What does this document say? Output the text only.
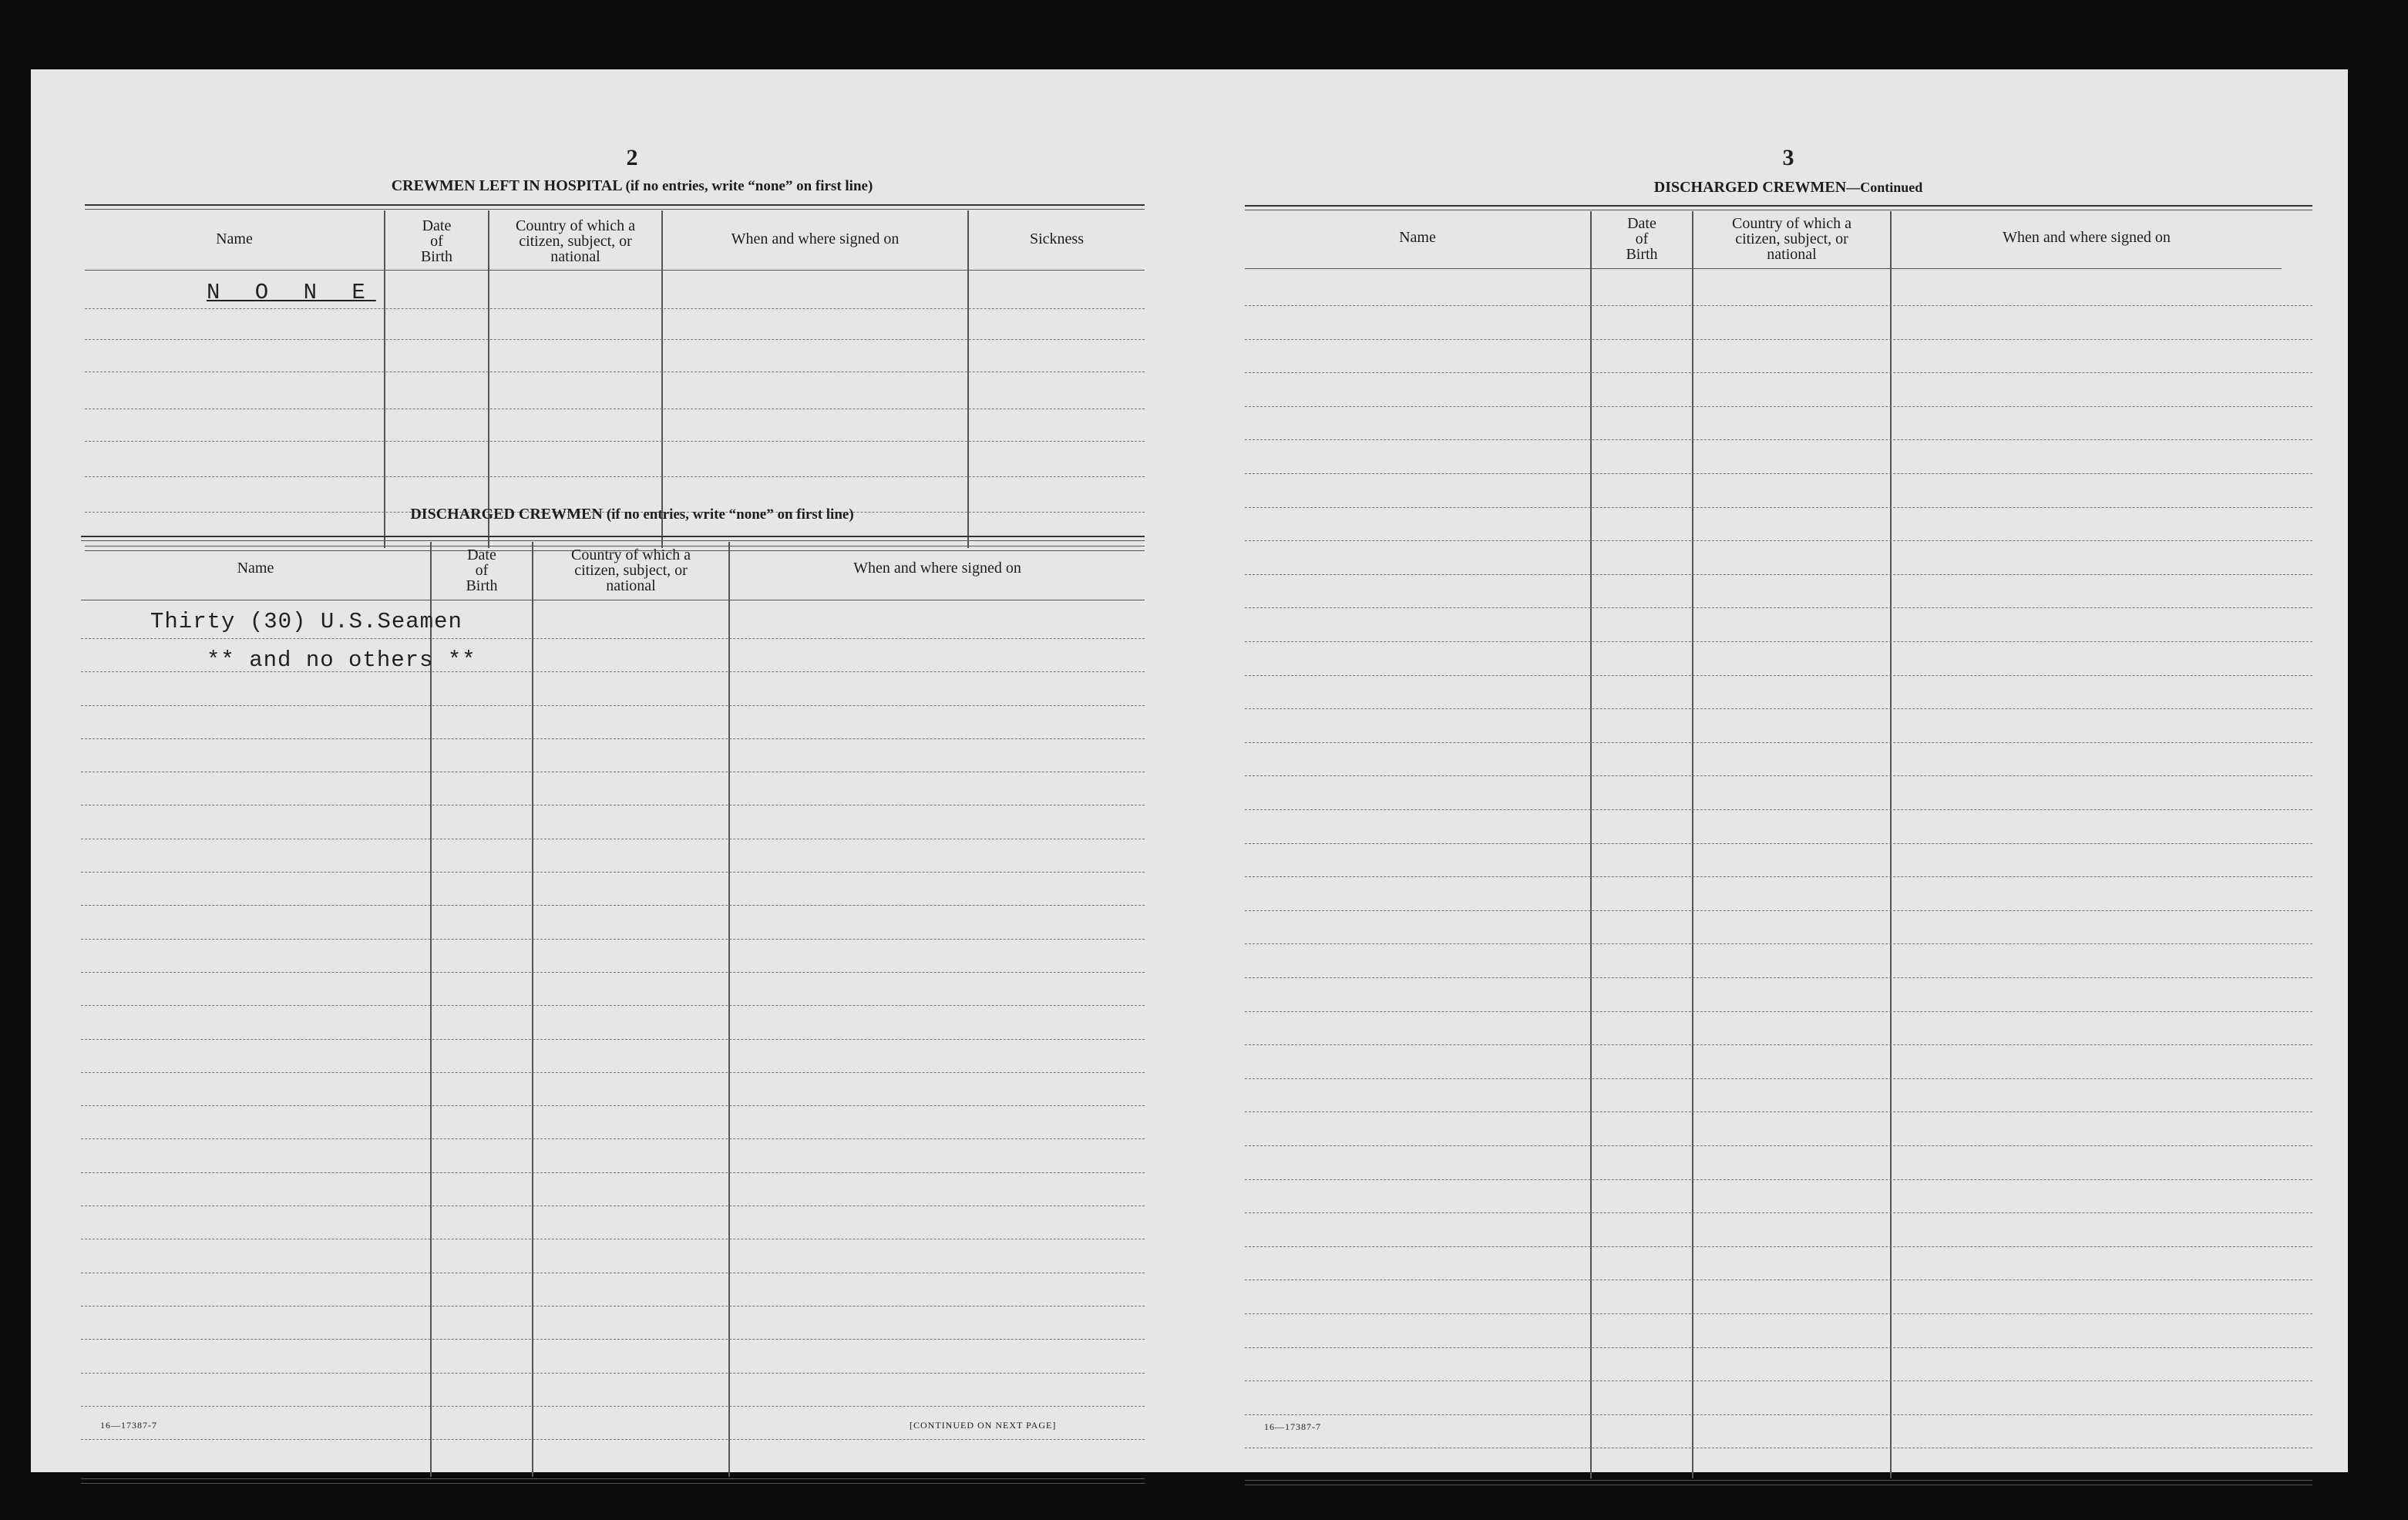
2
CREWMEN LEFT IN HOSPITAL (if no entries, write “none” on first line)
Name
Date
of
Birth
Country of which a
citizen, subject, or
national
When and where signed on	Sickness
N O N E
DISCHARGED CREWMEN (if no entries, write “none” on first line)
Name
Date
of
Birth
Country of which a
citizen, subject, or
national
When and where signed on
Thirty (30) U.S.Seamen
** and no others **
16—17387-7	[CONTINUED ON NEXT PAGE]
3
DISCHARGED CREWMEN—Continued
Name
Date
of
Birth
Country of which a
citizen, subject, or
national
When and where signed on
16—17387-7
